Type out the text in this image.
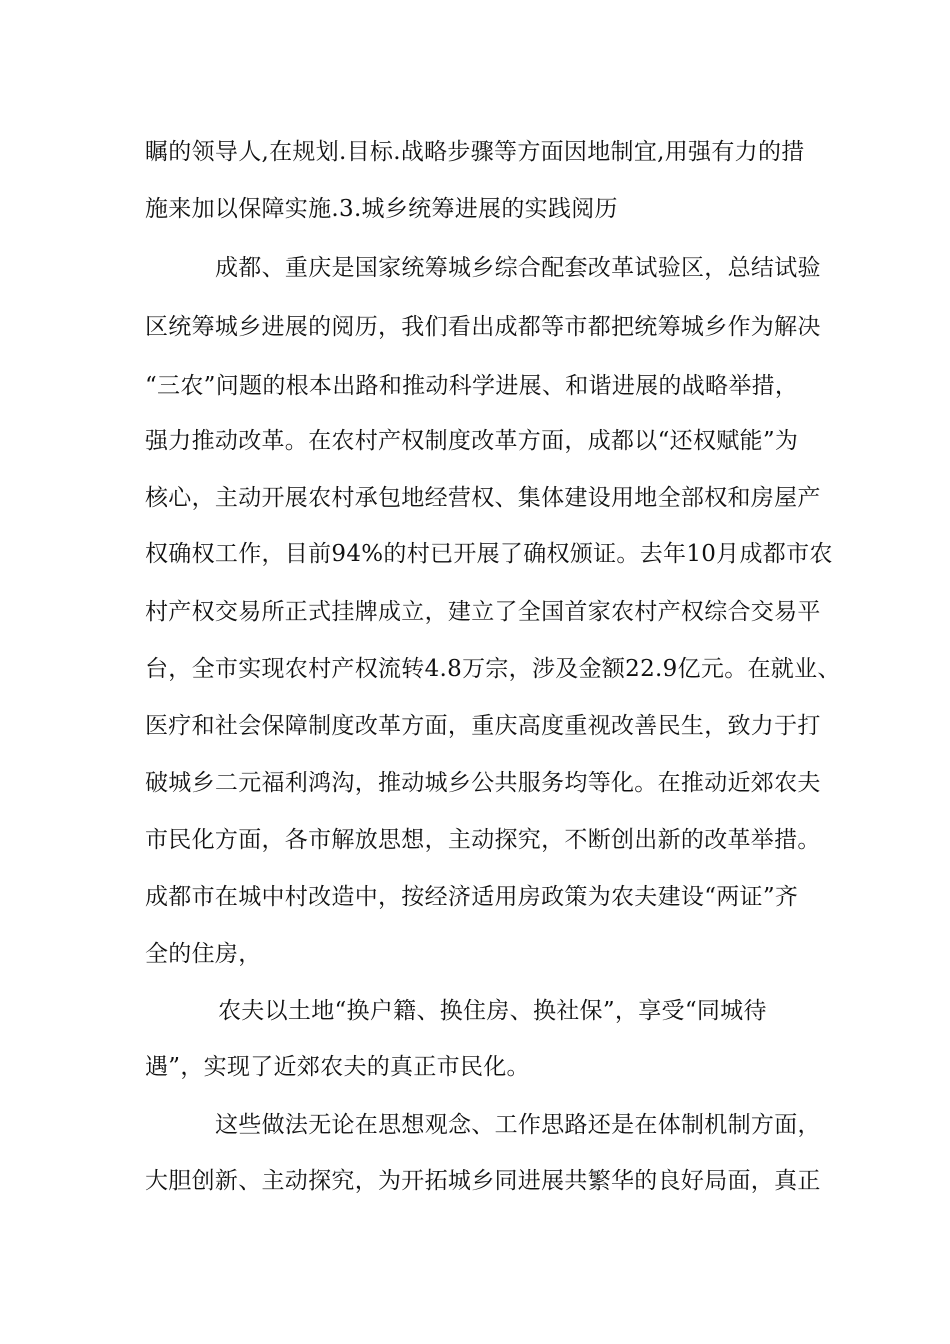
瞩的领导人,在规划.目标.战略步骤等方面因地制宜,用强有力的措
施来加以保障实施.3.城乡统筹进展的实践阅历
成都、重庆是国家统筹城乡综合配套改革试验区，总结试验
区统筹城乡进展的阅历，我们看出成都等市都把统筹城乡作为解决
“三农”问题的根本出路和推动科学进展、和谐进展的战略举措，
强力推动改革。在农村产权制度改革方面，成都以“还权赋能”为
核心，主动开展农村承包地经营权、集体建设用地全部权和房屋产
权确权工作，目前94%的村已开展了确权颁证。去年10月成都市农
村产权交易所正式挂牌成立，建立了全国首家农村产权综合交易平
台，全市实现农村产权流转4.8万宗，涉及金额22.9亿元。在就业、
医疗和社会保障制度改革方面，重庆高度重视改善民生，致力于打
破城乡二元福利鸿沟，推动城乡公共服务均等化。在推动近郊农夫
市民化方面，各市解放思想，主动探究，不断创出新的改革举措。
成都市在城中村改造中，按经济适用房政策为农夫建设“两证”齐
全的住房，
农夫以土地“换户籍、换住房、换社保”，享受“同城待
遇”，实现了近郊农夫的真正市民化。
这些做法无论在思想观念、工作思路还是在体制机制方面，
大胆创新、主动探究，为开拓城乡同进展共繁华的良好局面，真正
